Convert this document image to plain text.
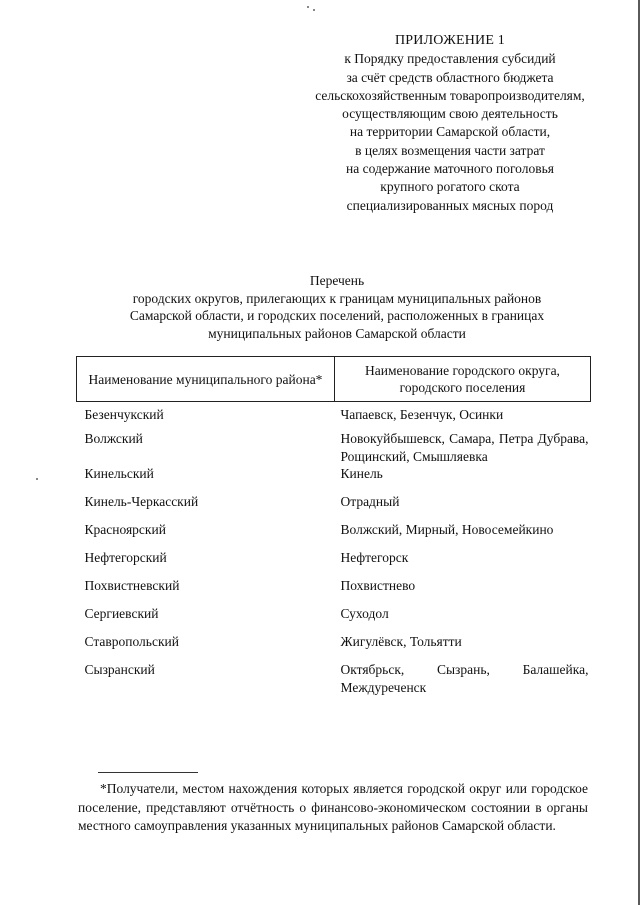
ПРИЛОЖЕНИЕ 1
к Порядку предоставления субсидий
за счёт средств областного бюджета
сельскохозяйственным товаропроизводителям,
осуществляющим свою деятельность
на территории Самарской области,
в целях возмещения части затрат
на содержание маточного поголовья
крупного рогатого скота
специализированных мясных пород
Перечень
городских округов, прилегающих к границам муниципальных районов
Самарской области, и городских поселений, расположенных в границах
муниципальных районов Самарской области
Наименование муниципального района*	Наименование городского округа, городского поселения
Безенчукский	Чапаевск, Безенчук, Осинки
Волжский	Новокуйбышевск, Самара, Петра Дубрава, Рощинский, Смышляевка
Кинельский	Кинель
Кинель-Черкасский	Отрадный
Красноярский	Волжский, Мирный, Новосемейкино
Нефтегорский	Нефтегорск
Похвистневский	Похвистнево
Сергиевский	Суходол
Ставропольский	Жигулёвск, Тольятти
Сызранский	Октябрьск, Сызрань, Балашейка, Междуреченск
*Получатели, местом нахождения которых является городской округ или городское поселение, представляют отчётность о финансово-экономическом состоянии в органы местного самоуправления указанных муниципальных районов Самарской области.
